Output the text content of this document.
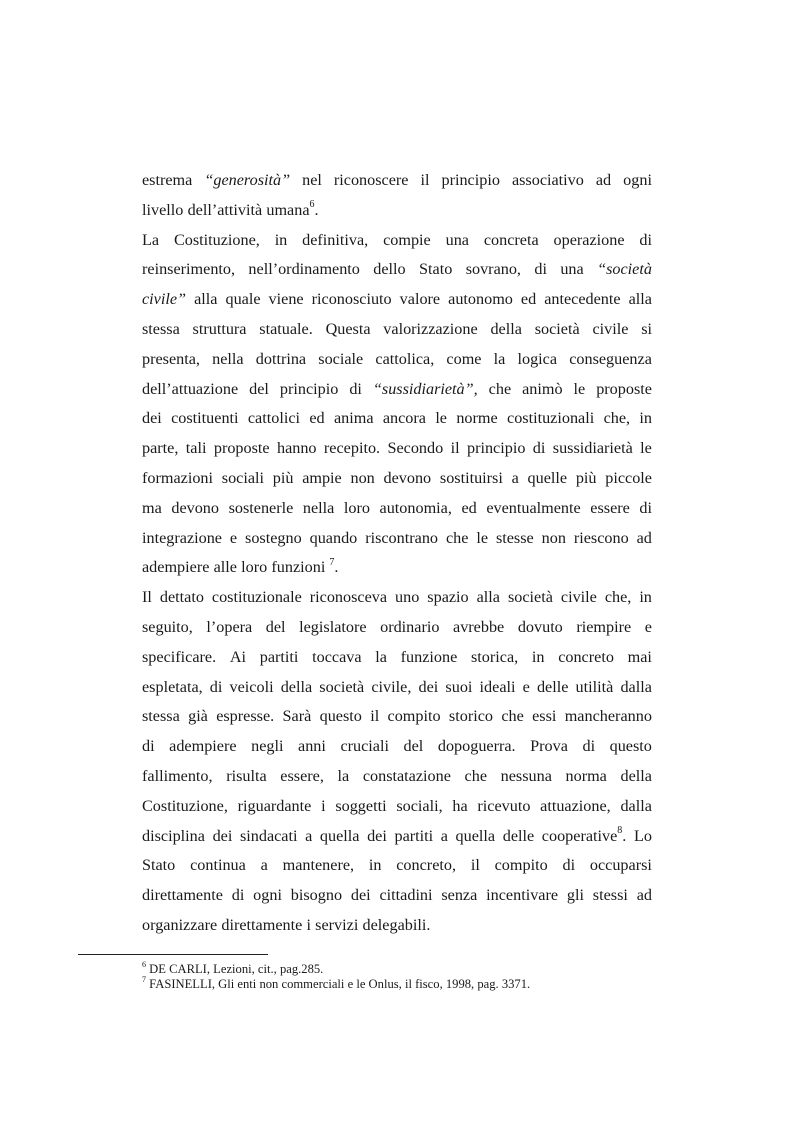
estrema “generosità” nel riconoscere il principio associativo ad ogni
livello dell’attività umana$^6$.
La Costituzione, in definitiva, compie una concreta operazione di
reinserimento, nell’ordinamento dello Stato sovrano, di una “società
civile” alla quale viene riconosciuto valore autonomo ed antecedente alla
stessa struttura statuale. Questa valorizzazione della società civile si
presenta, nella dottrina sociale cattolica, come la logica conseguenza
dell’attuazione del principio di “sussidiarietà”, che animò le proposte
dei costituenti cattolici ed anima ancora le norme costituzionali che, in
parte, tali proposte hanno recepito. Secondo il principio di sussidiarietà le
formazioni sociali più ampie non devono sostituirsi a quelle più piccole
ma devono sostenerle nella loro autonomia, ed eventualmente essere di
integrazione e sostegno quando riscontrano che le stesse non riescono ad
adempiere alle loro funzioni $^7$.
Il dettato costituzionale riconosceva uno spazio alla società civile che, in
seguito, l’opera del legislatore ordinario avrebbe dovuto riempire e
specificare. Ai partiti toccava la funzione storica, in concreto mai
espletata, di veicoli della società civile, dei suoi ideali e delle utilità dalla
stessa già espresse. Sarà questo il compito storico che essi mancheranno
di adempiere negli anni cruciali del dopoguerra. Prova di questo
fallimento, risulta essere, la constatazione che nessuna norma della
Costituzione, riguardante i soggetti sociali, ha ricevuto attuazione, dalla
disciplina dei sindacati a quella dei partiti a quella delle cooperative$^8$. Lo
Stato continua a mantenere, in concreto, il compito di occuparsi
direttamente di ogni bisogno dei cittadini senza incentivare gli stessi ad
organizzare direttamente i servizi delegabili.
$^6$ DE CARLI, Lezioni, cit., pag.285.
$^7$ FASINELLI, Gli enti non commerciali e le Onlus, il fisco, 1998, pag. 3371.
